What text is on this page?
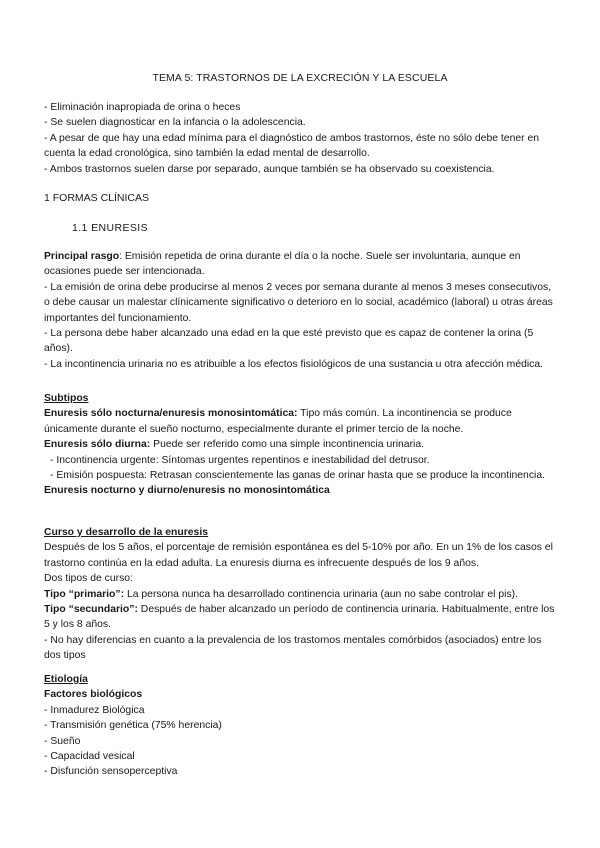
TEMA 5: TRASTORNOS DE LA EXCRECIÓN Y LA ESCUELA

- Eliminación inapropiada de orina o heces

- Se suelen diagnosticar en la infancia o la adolescencia.

- A pesar de que hay una edad mínima para el diagnóstico de ambos trastornos, éste no sólo debe tener en cuenta la edad cronológica, sino también la edad mental de desarrollo.

- Ambos trastornos suelen darse por separado, aunque también se ha observado su coexistencia.

1 FORMAS CLÍNICAS
1.1 ENURESIS

Principal rasgo: Emisión repetida de orina durante el día o la noche. Suele ser involuntaria, aunque en ocasiones puede ser intencionada.

- La emisión de orina debe producirse al menos 2 veces por semana durante al menos 3 meses consecutivos, o debe causar un malestar clínicamente significativo o deterioro en lo social, académico (laboral) u otras áreas importantes del funcionamiento.

- La persona debe haber alcanzado una edad en la que esté previsto que es capaz de contener la orina (5 años).

- La incontinencia urinaria no es atribuible a los efectos fisiológicos de una sustancia u otra afección médica.

Subtipos

Enuresis sólo nocturna/enuresis monosintomática: Tipo más común. La incontinencia se produce únicamente durante el sueño nocturno, especialmente durante el primer tercio de la noche.

Enuresis sólo diurna: Puede ser referido como una simple incontinencia urinaria.

- Incontinencia urgente: Síntomas urgentes repentinos e inestabilidad del detrusor.

- Emisión pospuesta: Retrasan conscientemente las ganas de orinar hasta que se produce la incontinencia.

Enuresis nocturno y diurno/enuresis no monosintomática

Curso y desarrollo de la enuresis

Después de los 5 años, el porcentaje de remisión espontánea es del 5-10% por año. En un 1% de los casos el trastorno continúa en la edad adulta. La enuresis diurna es infrecuente después de los 9 años.

Dos tipos de curso:

Tipo “primario”: La persona nunca ha desarrollado continencia urinaria (aun no sabe controlar el pis).

Tipo “secundario”: Después de haber alcanzado un período de continencia urinaria. Habitualmente, entre los 5 y los 8 años.

- No hay diferencias en cuanto a la prevalencia de los trastornos mentales comórbidos (asociados) entre los dos tipos

Etiología

Factores biológicos

- Inmadurez Biológica

- Transmisión genética (75% herencia)

- Sueño

- Capacidad vesical

- Disfunción sensoperceptiva
